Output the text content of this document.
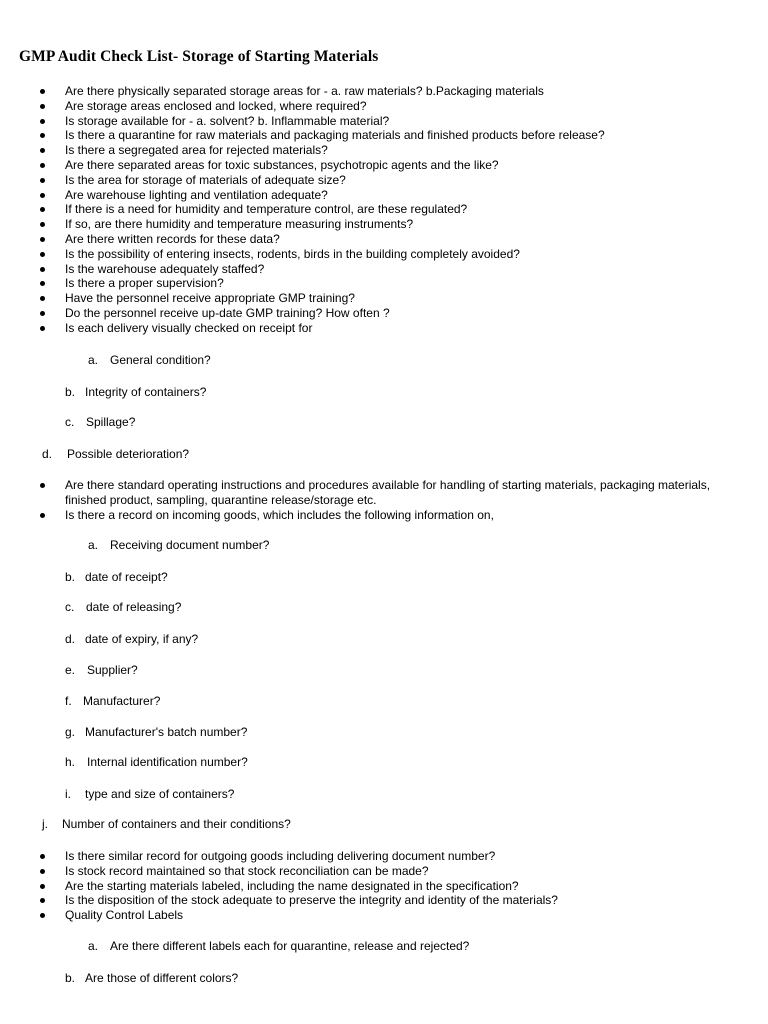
GMP Audit Check List- Storage of Starting Materials
• Are there physically separated storage areas for - a. raw materials? b.Packaging materials
• Are storage areas enclosed and locked, where required?
• Is storage available for - a. solvent? b. Inflammable material?
• Is there a quarantine for raw materials and packaging materials and finished products before release?
• Is there a segregated area for rejected materials?
• Are there separated areas for toxic substances, psychotropic agents and the like?
• Is the area for storage of materials of adequate size?
• Are warehouse lighting and ventilation adequate?
• If there is a need for humidity and temperature control, are these regulated?
• If so, are there humidity and temperature measuring instruments?
• Are there written records for these data?
• Is the possibility of entering insects, rodents, birds in the building completely avoided?
• Is the warehouse adequately staffed?
• Is there a proper supervision?
• Have the personnel receive appropriate GMP training?
• Do the personnel receive up-date GMP training? How often ?
• Is each delivery visually checked on receipt for
a. General condition?
b. Integrity of containers?
c. Spillage?
d. Possible deterioration?
• Are there standard operating instructions and procedures available for handling of starting materials, packaging materials, finished product, sampling, quarantine release/storage etc.
• Is there a record on incoming goods, which includes the following information on,
a. Receiving document number?
b. date of receipt?
c. date of releasing?
d. date of expiry, if any?
e. Supplier?
f. Manufacturer?
g. Manufacturer's batch number?
h. Internal identification number?
i. type and size of containers?
j. Number of containers and their conditions?
• Is there similar record for outgoing goods including delivering document number?
• Is stock record maintained so that stock reconciliation can be made?
• Are the starting materials labeled, including the name designated in the specification?
• Is the disposition of the stock adequate to preserve the integrity and identity of the materials?
• Quality Control Labels
a. Are there different labels each for quarantine, release and rejected?
b. Are those of different colors?
